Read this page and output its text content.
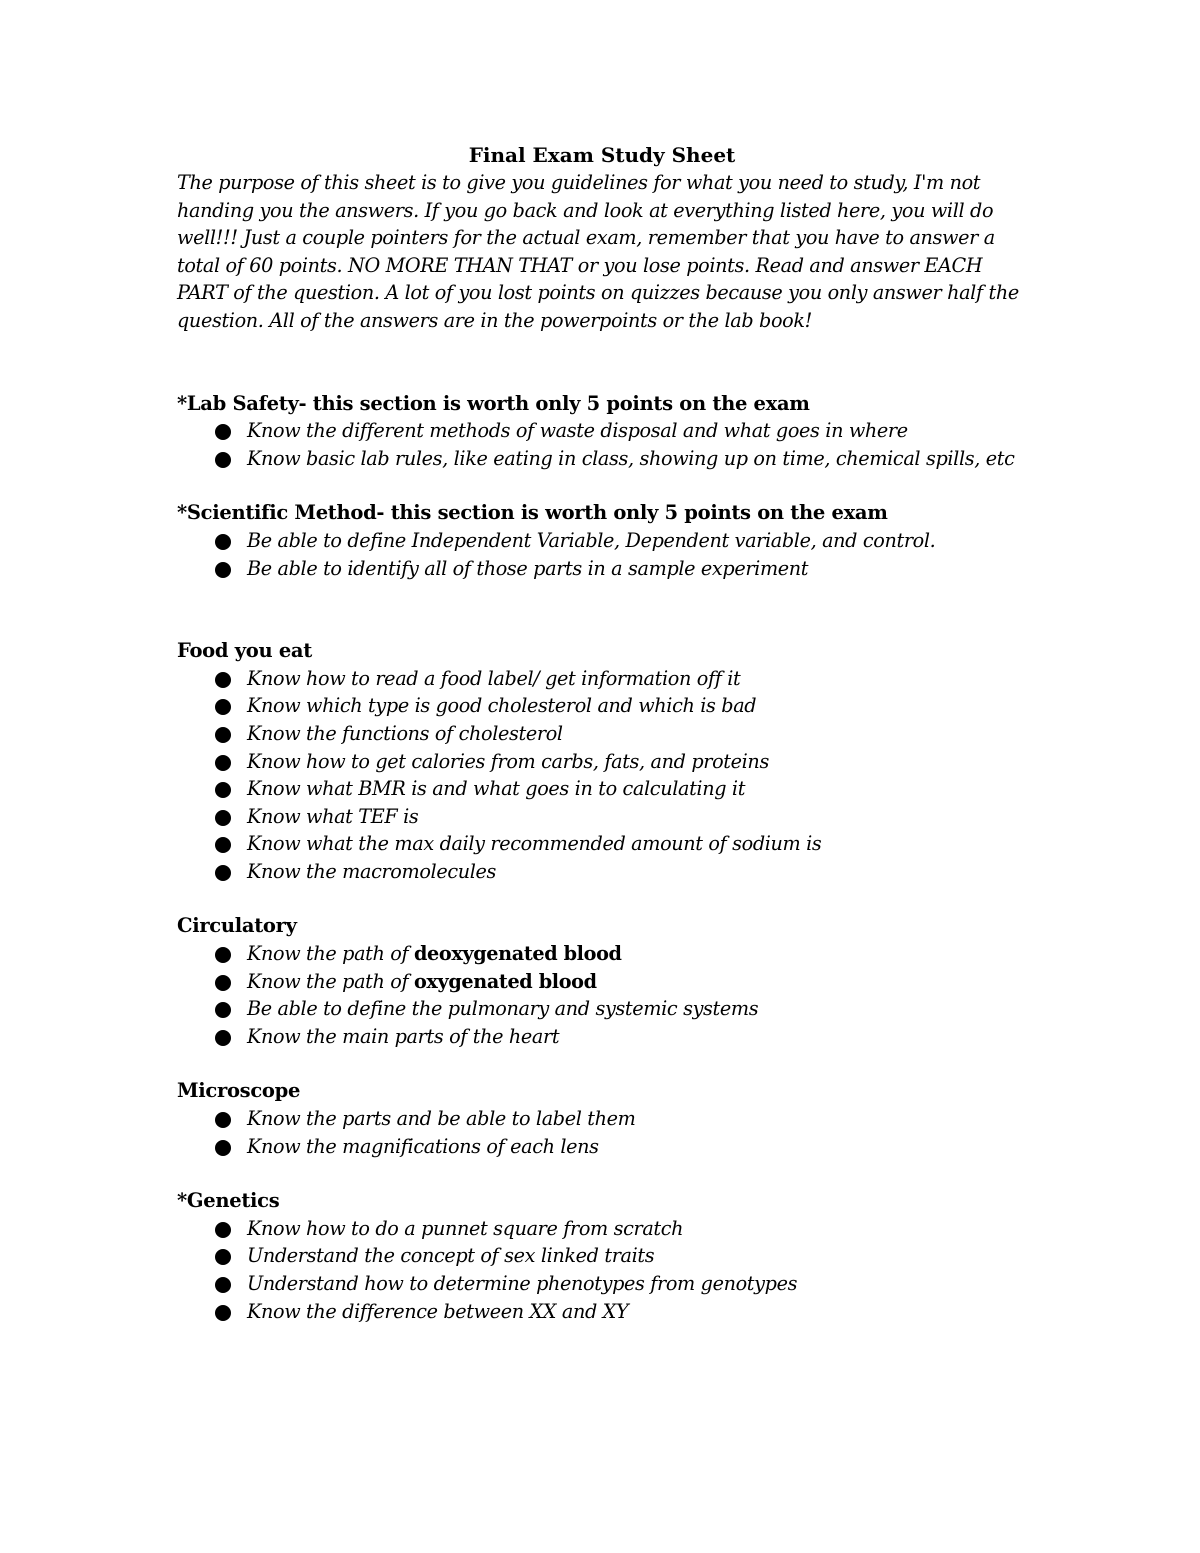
Final Exam Study Sheet

The purpose of this sheet is to give you guidelines for what you need to study, I'm not handing you the answers. If you go back and look at everything listed here, you will do well!!! Just a couple pointers for the actual exam, remember that you have to answer a total of 60 points. NO MORE THAN THAT or you lose points. Read and answer EACH PART of the question. A lot of you lost points on quizzes because you only answer half the question. All of the answers are in the powerpoints or the lab book!

*Lab Safety- this section is worth only 5 points on the exam
Know the different methods of waste disposal and what goes in where
Know basic lab rules, like eating in class, showing up on time, chemical spills, etc
*Scientific Method- this section is worth only 5 points on the exam
Be able to define Independent Variable, Dependent variable, and control.
Be able to identify all of those parts in a sample experiment
Food you eat
Know how to read a food label/ get information off it
Know which type is good cholesterol and which is bad
Know the functions of cholesterol
Know how to get calories from carbs, fats, and proteins
Know what BMR is and what goes in to calculating it
Know what TEF is
Know what the max daily recommended amount of sodium is
Know the macromolecules
Circulatory
Know the path of deoxygenated blood
Know the path of oxygenated blood
Be able to define the pulmonary and systemic systems
Know the main parts of the heart
Microscope
Know the parts and be able to label them
Know the magnifications of each lens
*Genetics
Know how to do a punnet square from scratch
Understand the concept of sex linked traits
Understand how to determine phenotypes from genotypes
Know the difference between XX and XY
